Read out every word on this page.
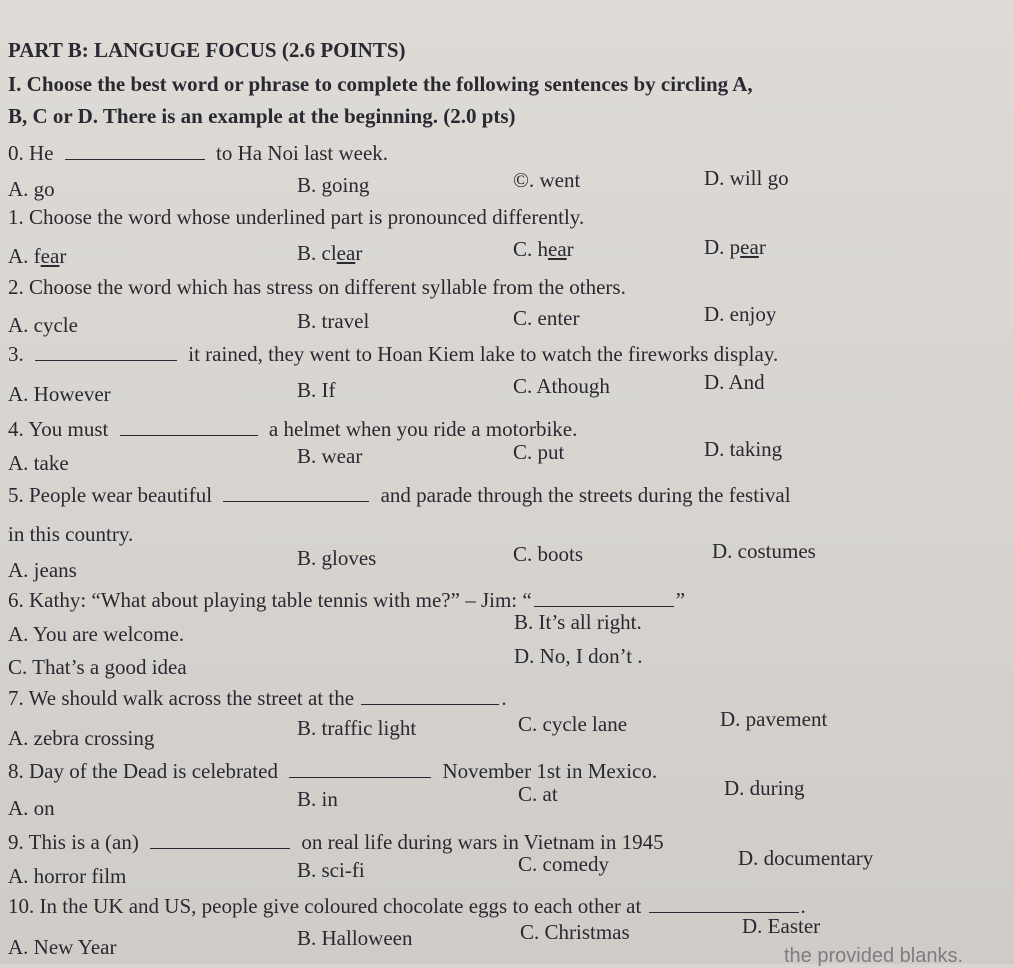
PART B: LANGUGE FOCUS (2.6 POINTS)
I. Choose the best word or phrase to complete the following sentences by circling A,
B, C or D. There is an example at the beginning. (2.0 pts)
0. He	to Ha Noi last week.
A. go	B. going	©. went	D. will go
1. Choose the word whose underlined part is pronounced differently.
A. fear	B. clear	C. hear	D. pear
2. Choose the word which has stress on different syllable from the others.
A. cycle	B. travel	C. enter	D. enjoy
3.	it rained, they went to Hoan Kiem lake to watch the fireworks display.
A. However	B. If	C. Athough	D. And
4. You must	a helmet when you ride a motorbike.
A. take	B. wear	C. put	D. taking
5. People wear beautiful	and parade through the streets during the festival
in this country.
A. jeans	B. gloves	C. boots	D. costumes
6. Kathy: “What about playing table tennis with me?” – Jim: “	”
A. You are welcome.	B. It’s all right.
C. That’s a good idea	D. No, I don’t .
7. We should walk across the street at the	.
A. zebra crossing	B. traffic light	C. cycle lane	D. pavement
8. Day of the Dead is celebrated	November 1st in Mexico.
A. on	B. in	C. at	D. during
9. This is a (an)	on real life during wars in Vietnam in 1945
A. horror film	B. sci-fi	C. comedy	D. documentary
10. In the UK and US, people give coloured chocolate eggs to each other at	.
A. New Year	B. Halloween	C. Christmas	D. Easter
the provided blanks.
